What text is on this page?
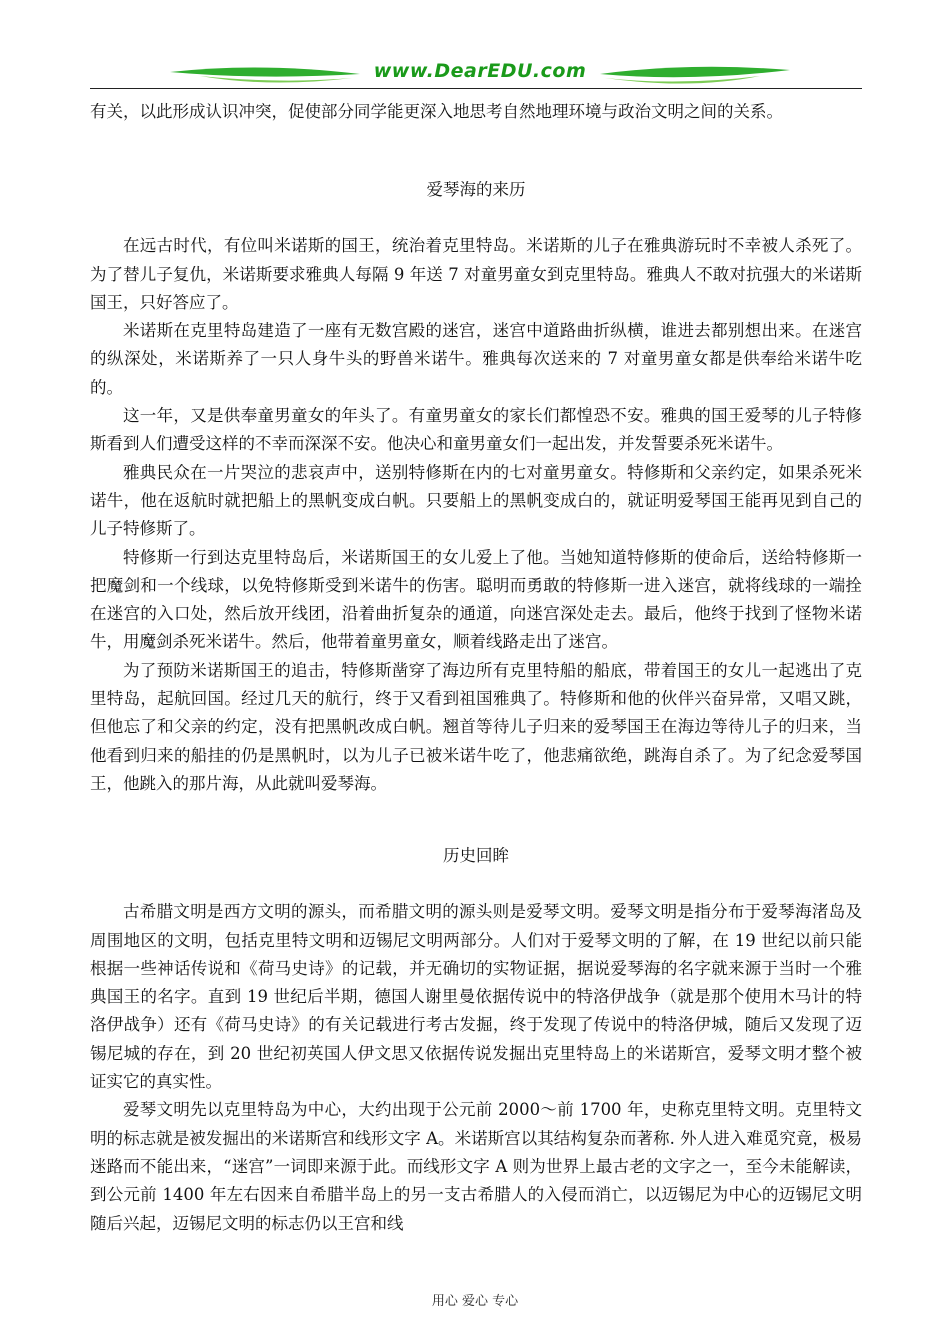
www.DearEDU.com

有关，以此形成认识冲突，促使部分同学能更深入地思考自然地理环境与政治文明之间的关系。

爱琴海的来历

在远古时代，有位叫米诺斯的国王，统治着克里特岛。米诺斯的儿子在雅典游玩时不幸被人杀死了。为了替儿子复仇，米诺斯要求雅典人每隔 9 年送 7 对童男童女到克里特岛。雅典人不敢对抗强大的米诺斯国王，只好答应了。

米诺斯在克里特岛建造了一座有无数宫殿的迷宫，迷宫中道路曲折纵横，谁进去都别想出来。在迷宫的纵深处，米诺斯养了一只人身牛头的野兽米诺牛。雅典每次送来的 7 对童男童女都是供奉给米诺牛吃的。

这一年，又是供奉童男童女的年头了。有童男童女的家长们都惶恐不安。雅典的国王爱琴的儿子特修斯看到人们遭受这样的不幸而深深不安。他决心和童男童女们一起出发，并发誓要杀死米诺牛。

雅典民众在一片哭泣的悲哀声中，送别特修斯在内的七对童男童女。特修斯和父亲约定，如果杀死米诺牛，他在返航时就把船上的黑帆变成白帆。只要船上的黑帆变成白的，就证明爱琴国王能再见到自己的儿子特修斯了。

特修斯一行到达克里特岛后，米诺斯国王的女儿爱上了他。当她知道特修斯的使命后，送给特修斯一把魔剑和一个线球，以免特修斯受到米诺牛的伤害。聪明而勇敢的特修斯一进入迷宫，就将线球的一端拴在迷宫的入口处，然后放开线团，沿着曲折复杂的通道，向迷宫深处走去。最后，他终于找到了怪物米诺牛，用魔剑杀死米诺牛。然后，他带着童男童女，顺着线路走出了迷宫。

为了预防米诺斯国王的追击，特修斯凿穿了海边所有克里特船的船底，带着国王的女儿一起逃出了克里特岛，起航回国。经过几天的航行，终于又看到祖国雅典了。特修斯和他的伙伴兴奋异常，又唱又跳，但他忘了和父亲的约定，没有把黑帆改成白帆。翘首等待儿子归来的爱琴国王在海边等待儿子的归来，当他看到归来的船挂的仍是黑帆时，以为儿子已被米诺牛吃了，他悲痛欲绝，跳海自杀了。为了纪念爱琴国王，他跳入的那片海，从此就叫爱琴海。

历史回眸

古希腊文明是西方文明的源头，而希腊文明的源头则是爱琴文明。爱琴文明是指分布于爱琴海渚岛及周围地区的文明，包括克里特文明和迈锡尼文明两部分。人们对于爱琴文明的了解，在 19 世纪以前只能根据一些神话传说和《荷马史诗》的记载，并无确切的实物证据，据说爱琴海的名字就来源于当时一个雅典国王的名字。直到 19 世纪后半期，德国人谢里曼依据传说中的特洛伊战争（就是那个使用木马计的特洛伊战争）还有《荷马史诗》的有关记载进行考古发掘，终于发现了传说中的特洛伊城，随后又发现了迈锡尼城的存在，到 20 世纪初英国人伊文思又依据传说发掘出克里特岛上的米诺斯宫，爱琴文明才整个被证实它的真实性。

爱琴文明先以克里特岛为中心，大约出现于公元前 2000～前 1700 年，史称克里特文明。克里特文明的标志就是被发掘出的米诺斯宫和线形文字 A。米诺斯宫以其结构复杂而著称. 外人进入难觅究竟，极易迷路而不能出来，“迷宫”一词即来源于此。而线形文字 A 则为世界上最古老的文字之一，至今未能解读，到公元前 1400 年左右因来自希腊半岛上的另一支古希腊人的入侵而消亡，以迈锡尼为中心的迈锡尼文明随后兴起，迈锡尼文明的标志仍以王宫和线

用心 爱心 专心
